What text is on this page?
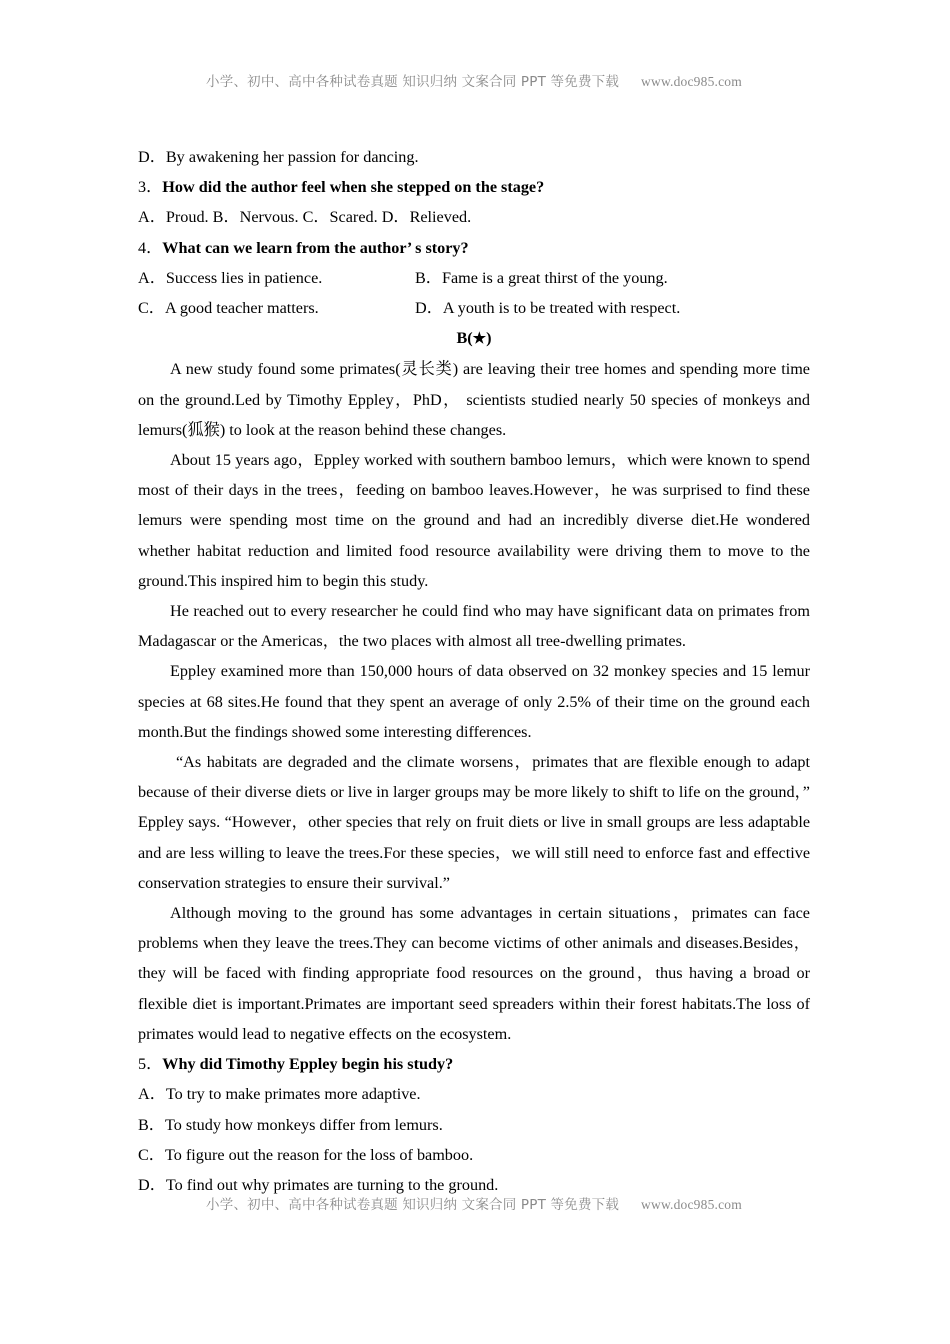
小学、初中、高中各种试卷真题 知识归纳 文案合同 PPT 等免费下载 www.doc985.com
D．By awakening her passion for dancing.
3．How did the author feel when she stepped on the stage?
A．Proud. B．Nervous. C．Scared. D．Relieved.
4．What can we learn from the author’ s story?
A．Success lies in patience.	B．Fame is a great thirst of the young.
C．A good teacher matters.	D．A youth is to be treated with respect.
B(★)

A new study found some primates(灵长类) are leaving their tree homes and spending more time on the ground.Led by Timothy Eppley，PhD， scientists studied nearly 50 species of monkeys and lemurs(狐猴) to look at the reason behind these changes.

About 15 years ago，Eppley worked with southern bamboo lemurs，which were known to spend most of their days in the trees，feeding on bamboo leaves.However，he was surprised to find these lemurs were spending most time on the ground and had an incredibly diverse diet.He wondered whether habitat reduction and limited food resource availability were driving them to move to the ground.This inspired him to begin this study.

He reached out to every researcher he could find who may have significant data on primates from Madagascar or the Americas，the two places with almost all tree-dwelling primates.

Eppley examined more than 150,000 hours of data observed on 32 monkey species and 15 lemur species at 68 sites.He found that they spent an average of only 2.5% of their time on the ground each month.But the findings showed some interesting differences.

“As habitats are degraded and the climate worsens，primates that are flexible enough to adapt because of their diverse diets or live in larger groups may be more likely to shift to life on the ground，” Eppley says. “However，other species that rely on fruit diets or live in small groups are less adaptable and are less willing to leave the trees.For these species，we will still need to enforce fast and effective conservation strategies to ensure their survival.”

Although moving to the ground has some advantages in certain situations，primates can face problems when they leave the trees.They can become victims of other animals and diseases.Besides，they will be faced with finding appropriate food resources on the ground，thus having a broad or flexible diet is important.Primates are important seed spreaders within their forest habitats.The loss of primates would lead to negative effects on the ecosystem.

5．Why did Timothy Eppley begin his study?
A．To try to make primates more adaptive.
B．To study how monkeys differ from lemurs.
C．To figure out the reason for the loss of bamboo.
D．To find out why primates are turning to the ground.
小学、初中、高中各种试卷真题 知识归纳 文案合同 PPT 等免费下载 www.doc985.com
